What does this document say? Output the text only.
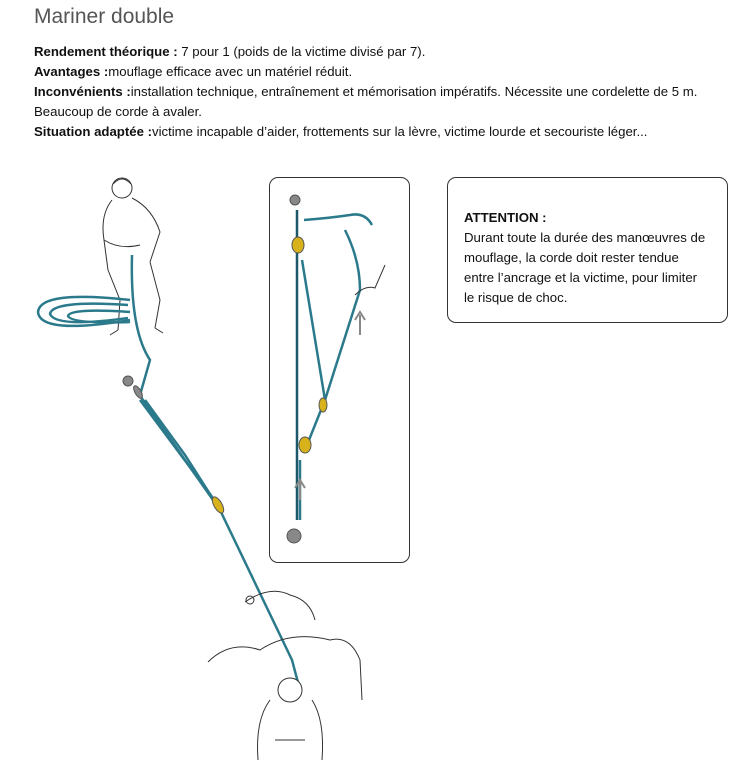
Mariner double
Rendement théorique : 7 pour 1 (poids de la victime divisé par 7).
Avantages :mouflage efficace avec un matériel réduit.
Inconvénients :installation technique, entraînement et mémorisation impératifs. Nécessite une cordelette de 5 m.
Beaucoup de corde à avaler.
Situation adaptée :victime incapable d’aider, frottements sur la lèvre, victime lourde et secouriste léger...
ATTENTION :
Durant toute la durée des manœuvres de
mouflage, la corde doit rester tendue
entre l’ancrage et la victime, pour limiter
le risque de choc.
